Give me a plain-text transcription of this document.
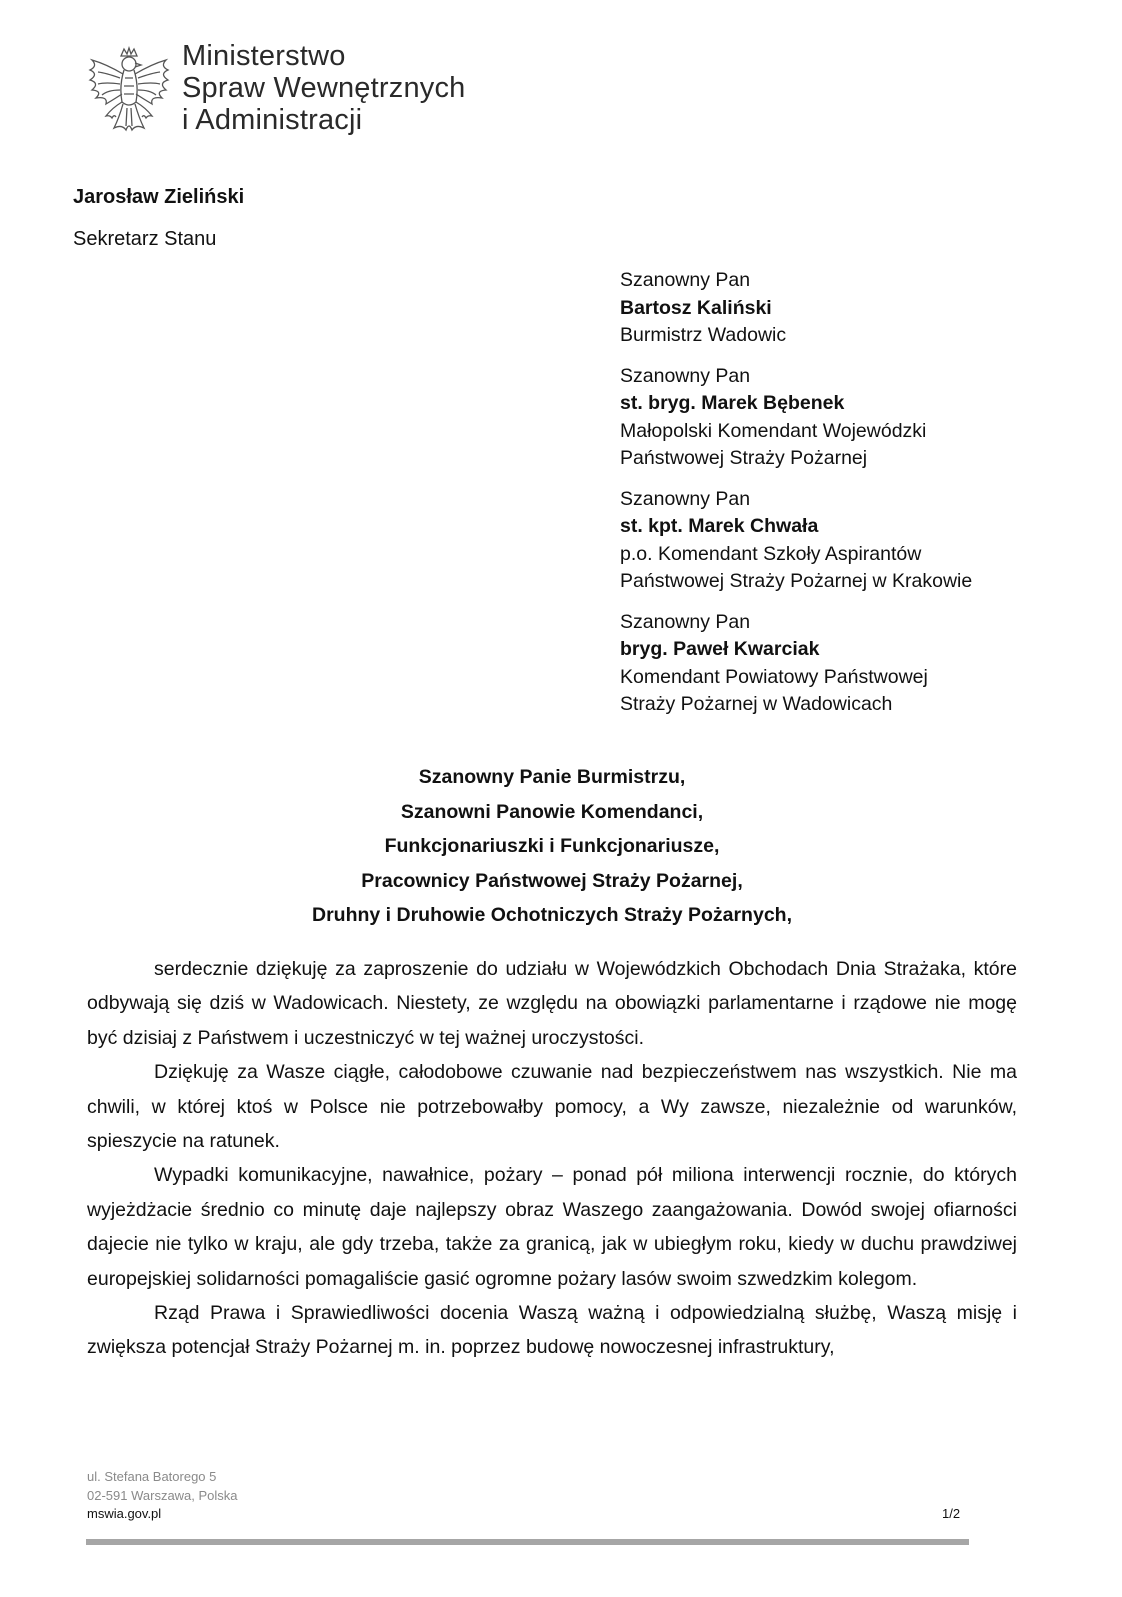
Ministerstwo
Spraw Wewnętrznych
i Administracji
Jarosław Zieliński
Sekretarz Stanu
Szanowny Pan
Bartosz Kaliński
Burmistrz Wadowic
Szanowny Pan
st. bryg. Marek Bębenek
Małopolski Komendant Wojewódzki
Państwowej Straży Pożarnej
Szanowny Pan
st. kpt. Marek Chwała
p.o. Komendant Szkoły Aspirantów
Państwowej Straży Pożarnej w Krakowie
Szanowny Pan
bryg. Paweł Kwarciak
Komendant Powiatowy Państwowej
Straży Pożarnej w Wadowicach
Szanowny Panie Burmistrzu,
Szanowni Panowie Komendanci,
Funkcjonariuszki i Funkcjonariusze,
Pracownicy Państwowej Straży Pożarnej,
Druhny i Druhowie Ochotniczych Straży Pożarnych,

serdecznie dziękuję za zaproszenie do udziału w Wojewódzkich Obchodach Dnia Strażaka, które odbywają się dziś w Wadowicach. Niestety, ze względu na obowiązki parlamentarne i rządowe nie mogę być dzisiaj z Państwem i uczestniczyć w tej ważnej uroczystości.

Dziękuję za Wasze ciągłe, całodobowe czuwanie nad bezpieczeństwem nas wszystkich. Nie ma chwili, w której ktoś w Polsce nie potrzebowałby pomocy, a Wy zawsze, niezależnie od warunków, spieszycie na ratunek.

Wypadki komunikacyjne, nawałnice, pożary – ponad pół miliona interwencji rocznie, do których wyjeżdżacie średnio co minutę daje najlepszy obraz Waszego zaangażowania. Dowód swojej ofiarności dajecie nie tylko w kraju, ale gdy trzeba, także za granicą, jak w ubiegłym roku, kiedy w duchu prawdziwej europejskiej solidarności pomagaliście gasić ogromne pożary lasów swoim szwedzkim kolegom.

Rząd Prawa i Sprawiedliwości docenia Waszą ważną i odpowiedzialną służbę, Waszą misję i zwiększa potencjał Straży Pożarnej m. in. poprzez budowę nowoczesnej infrastruktury,

ul. Stefana Batorego 5
02-591 Warszawa, Polska
mswia.gov.pl	1/2
